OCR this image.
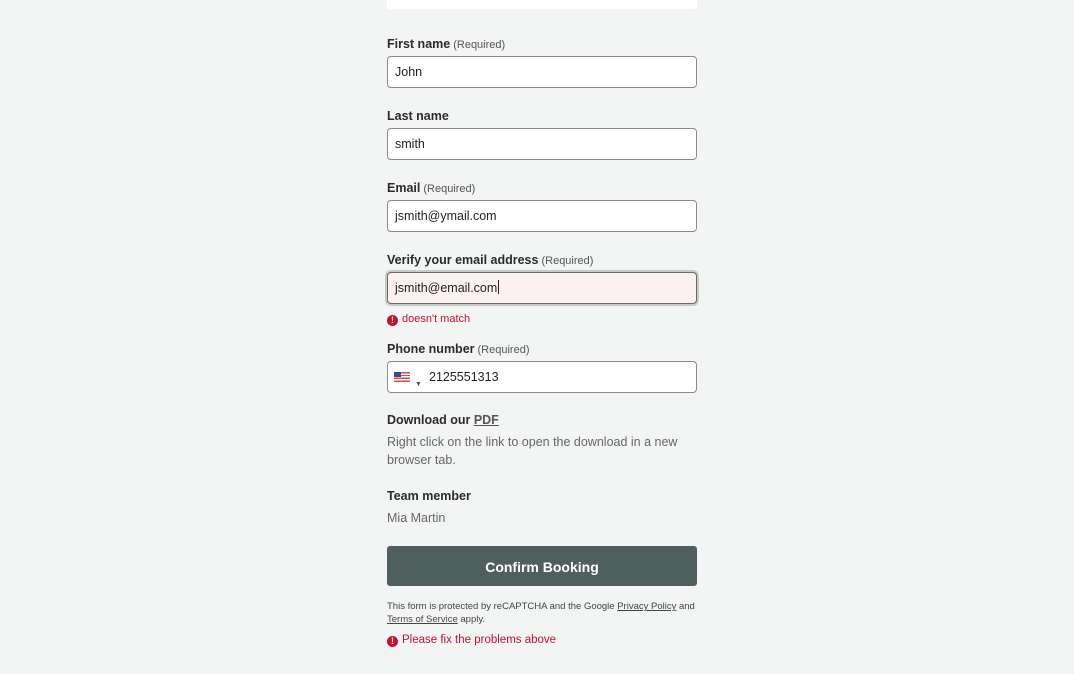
First name (Required)
John
Last name
smith
Email (Required)
jsmith@ymail.com
Verify your email address (Required)
jsmith@email.com
! doesn't match
Phone number (Required)
▼
2125551313
Download our PDF
Right click on the link to open the download in a new browser tab.
Team member
Mia Martin
Confirm Booking
This form is protected by reCAPTCHA and the Google Privacy Policy and
Terms of Service apply.
! Please fix the problems above
